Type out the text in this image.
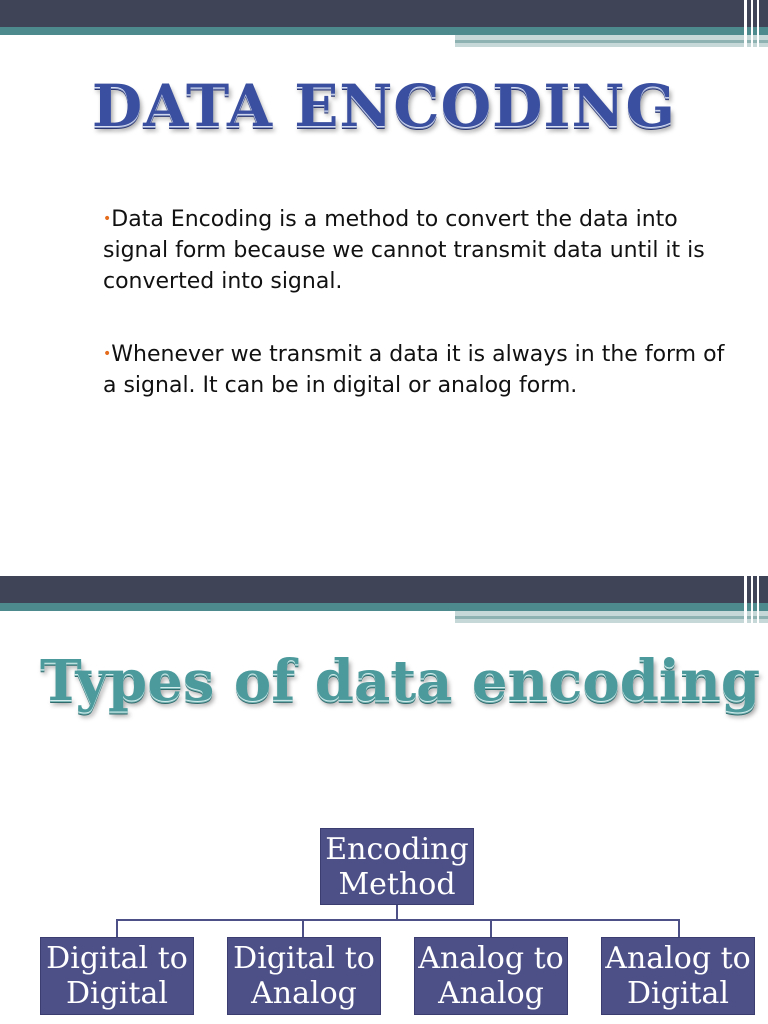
DATA ENCODING
•Data Encoding is a method to convert the data into signal form because we cannot transmit data until it is converted into signal.
•Whenever we transmit a data it is always in the form of a signal. It can be in digital or analog form.
Types of data encoding
Encoding
Method
Digital to
Digital
Digital to
Analog
Analog to
Analog
Analog to
Digital
